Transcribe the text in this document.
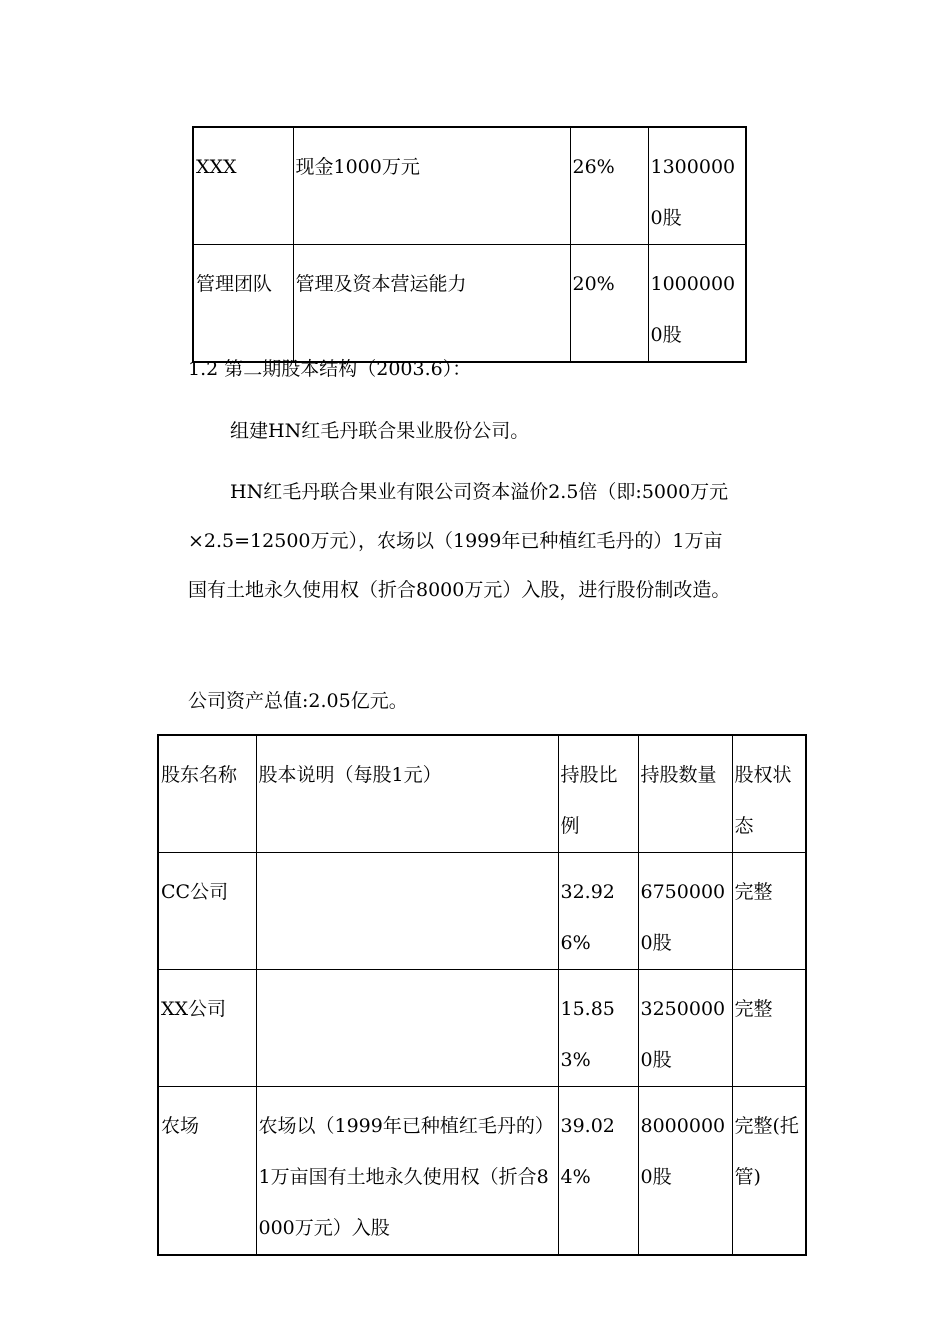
XXX	现金1000万元	26%	13000000股
管理团队	管理及资本营运能力	20%	10000000股

1.2 第二期股本结构（2003.6）：

组建HN红毛丹联合果业股份公司。

HN红毛丹联合果业有限公司资本溢价2.5倍（即:5000万元

×2.5=12500万元），农场以（1999年已种植红毛丹的）1万亩

国有土地永久使用权（折合8000万元）入股，进行股份制改造。

公司资产总值:2.05亿元。

股东名称	股本说明（每股1元）	持股比例	持股数量	股权状态
CC公司		32.926%	67500000股	完整
XX公司		15.853%	32500000股	完整
农场	农场以（1999年已种植红毛丹的）1万亩国有土地永久使用权（折合8000万元）入股	39.024%	80000000股	完整(托管)
